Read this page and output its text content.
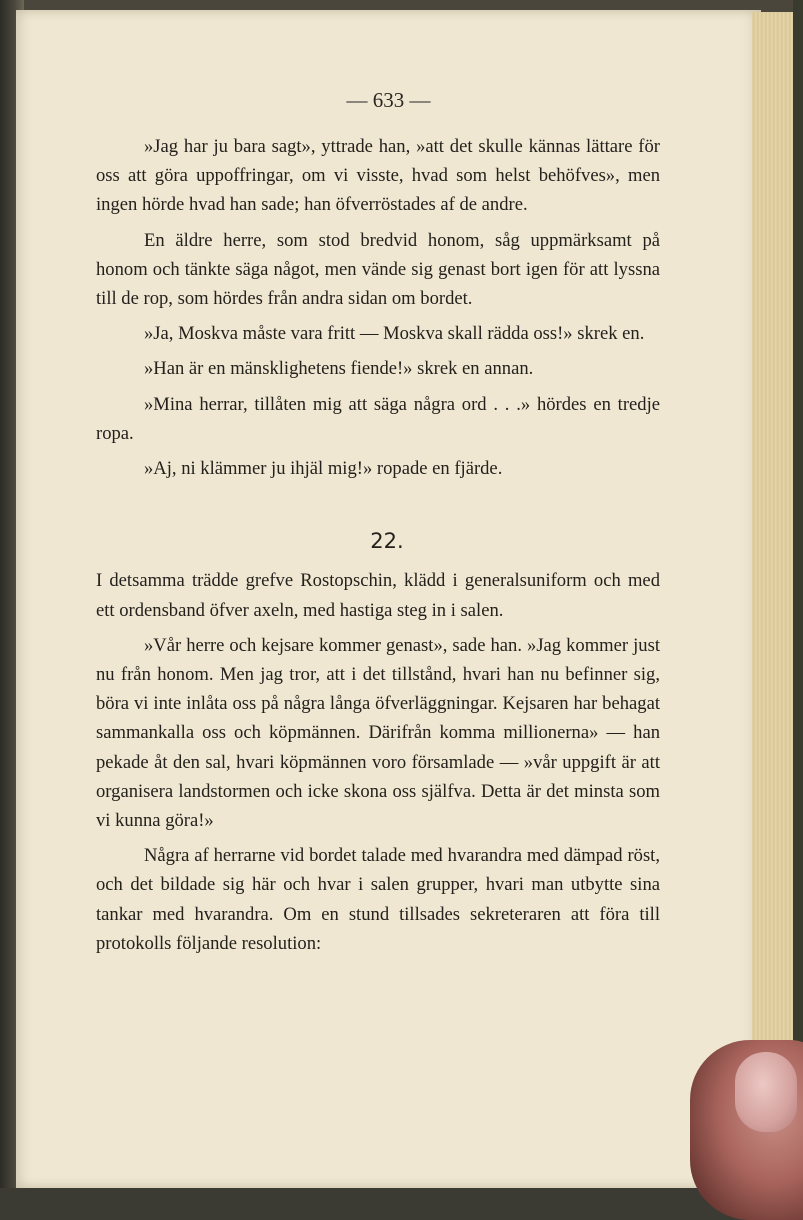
— 633 —

»Jag har ju bara sagt», yttrade han, »att det skulle kännas lättare för oss att göra uppoffringar, om vi visste, hvad som helst behöfves», men ingen hörde hvad han sade; han öfverröstades af de andre.

En äldre herre, som stod bredvid honom, såg uppmärksamt på honom och tänkte säga något, men vände sig genast bort igen för att lyssna till de rop, som hördes från andra sidan om bordet.

»Ja, Moskva måste vara fritt — Moskva skall rädda oss!» skrek en.

»Han är en mänsklighetens fiende!» skrek en annan.

»Mina herrar, tillåten mig att säga några ord . . .» hördes en tredje ropa.

»Aj, ni klämmer ju ihjäl mig!» ropade en fjärde.

22.

I detsamma trädde grefve Rostopschin, klädd i generalsuniform och med ett ordensband öfver axeln, med hastiga steg in i salen.

»Vår herre och kejsare kommer genast», sade han. »Jag kommer just nu från honom. Men jag tror, att i det tillstånd, hvari han nu befinner sig, böra vi inte inlåta oss på några långa öfverläggningar. Kejsaren har behagat sammankalla oss och köpmännen. Därifrån komma millionerna» — han pekade åt den sal, hvari köpmännen voro församlade — »vår uppgift är att organisera landstormen och icke skona oss själfva. Detta är det minsta som vi kunna göra!»

Några af herrarne vid bordet talade med hvarandra med dämpad röst, och det bildade sig här och hvar i salen grupper, hvari man utbytte sina tankar med hvarandra. Om en stund tillsades sekreteraren att föra till protokolls följande resolution:
